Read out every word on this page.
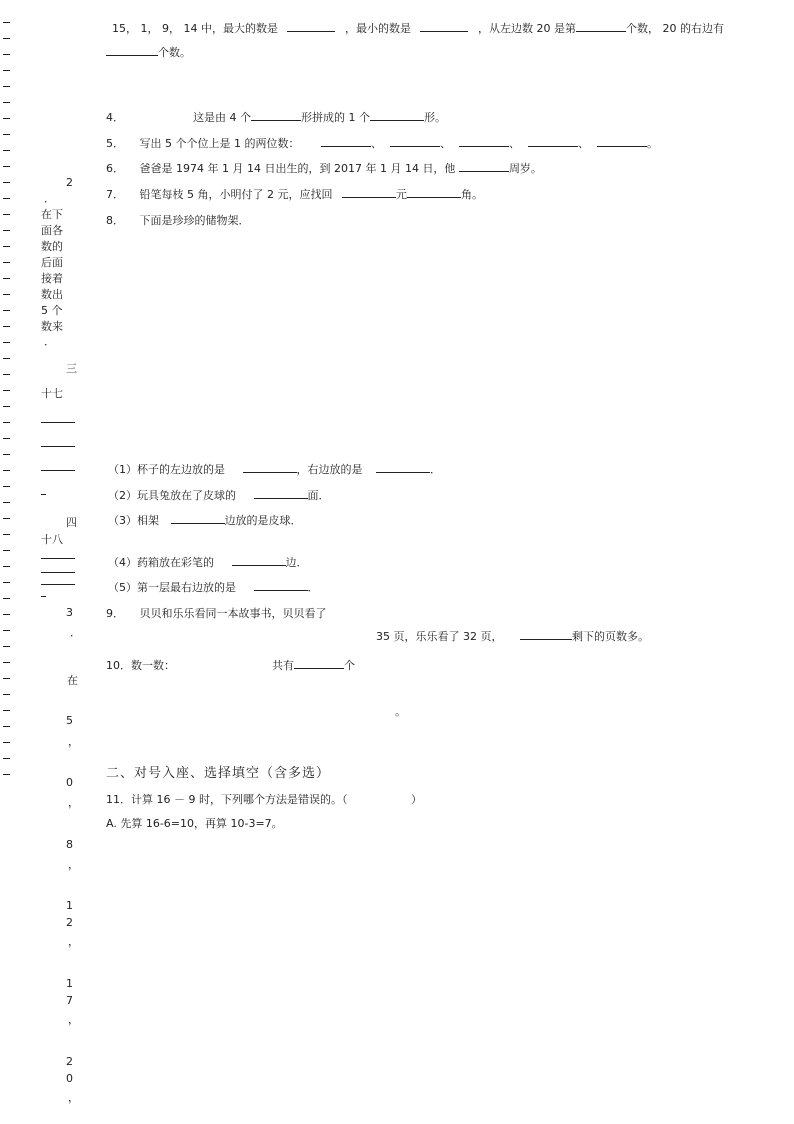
2
．
在下
面各
数的
后面
接着
数出
5 个
数来
．
三
十七
四
十八
3
．
在
5
，
0
，
8
，
1
2
，
1
7
，
2
0
，
15， 1， 9， 14 中，最大的数是	，最小的数是	，从左边数 20 是第	个数， 20 的右边有
个数。
4．	这是由 4 个	形拼成的 1 个	形。
5． 写出 5 个个位上是 1 的两位数：	、	、	、	、	。
6． 爸爸是 1974 年 1 月 14 日出生的，到 2017 年 1 月 14 日，他	周岁。
7． 铅笔每枝 5 角，小明付了 2 元，应找回	元	角。
8． 下面是珍珍的储物架．
（1）杯子的左边放的是	，右边放的是	．
（2）玩具兔放在了皮球的	面．
（3）相架	边放的是皮球．
（4）药箱放在彩笔的	边．
（5）第一层最右边放的是	．
9． 贝贝和乐乐看同一本故事书，贝贝看了
35 页，乐乐看了 32 页，	剩下的页数多。
10．数一数：	共有	个
。
二、对号入座、选择填空（含多选）
11．计算 16 － 9 时，下列哪个方法是错误的。（	）
A. 先算 16-6=10，再算 10-3=7。
